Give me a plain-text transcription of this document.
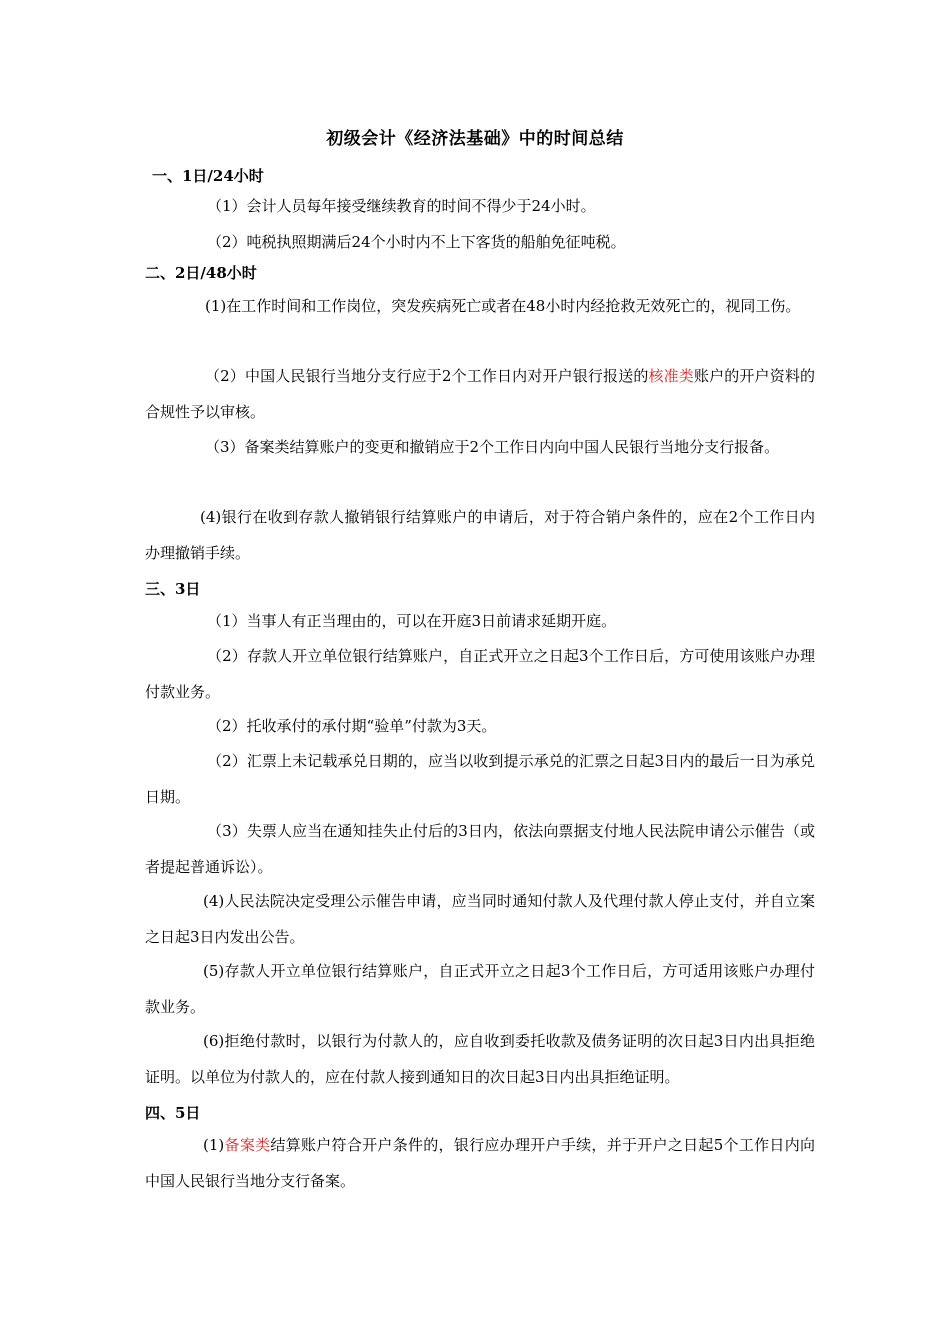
初级会计《经济法基础》中的时间总结
一、1日/24小时
（1）会计人员每年接受继续教育的时间不得少于24小时。
（2）吨税执照期满后24个小时内不上下客货的船舶免征吨税。
二、2日/48小时
(1)在工作时间和工作岗位，突发疾病死亡或者在48小时内经抢救无效死亡的，视同工伤。
（2）中国人民银行当地分支行应于2个工作日内对开户银行报送的核准类账户的开户资料的合规性予以审核。
（3）备案类结算账户的变更和撤销应于2个工作日内向中国人民银行当地分支行报备。
(4)银行在收到存款人撤销银行结算账户的申请后，对于符合销户条件的，应在2个工作日内办理撤销手续。
三、3日
（1）当事人有正当理由的，可以在开庭3日前请求延期开庭。
（2）存款人开立单位银行结算账户，自正式开立之日起3个工作日后，方可使用该账户办理付款业务。
（2）托收承付的承付期“验单”付款为3天。
（2）汇票上未记载承兑日期的，应当以收到提示承兑的汇票之日起3日内的最后一日为承兑日期。
（3）失票人应当在通知挂失止付后的3日内，依法向票据支付地人民法院申请公示催告（或者提起普通诉讼）。
(4)人民法院决定受理公示催告申请，应当同时通知付款人及代理付款人停止支付，并自立案之日起3日内发出公告。
(5)存款人开立单位银行结算账户，自正式开立之日起3个工作日后，方可适用该账户办理付款业务。
(6)拒绝付款时，以银行为付款人的，应自收到委托收款及债务证明的次日起3日内出具拒绝证明。以单位为付款人的，应在付款人接到通知日的次日起3日内出具拒绝证明。
四、5日
(1)备案类结算账户符合开户条件的，银行应办理开户手续，并于开户之日起5个工作日内向中国人民银行当地分支行备案。
